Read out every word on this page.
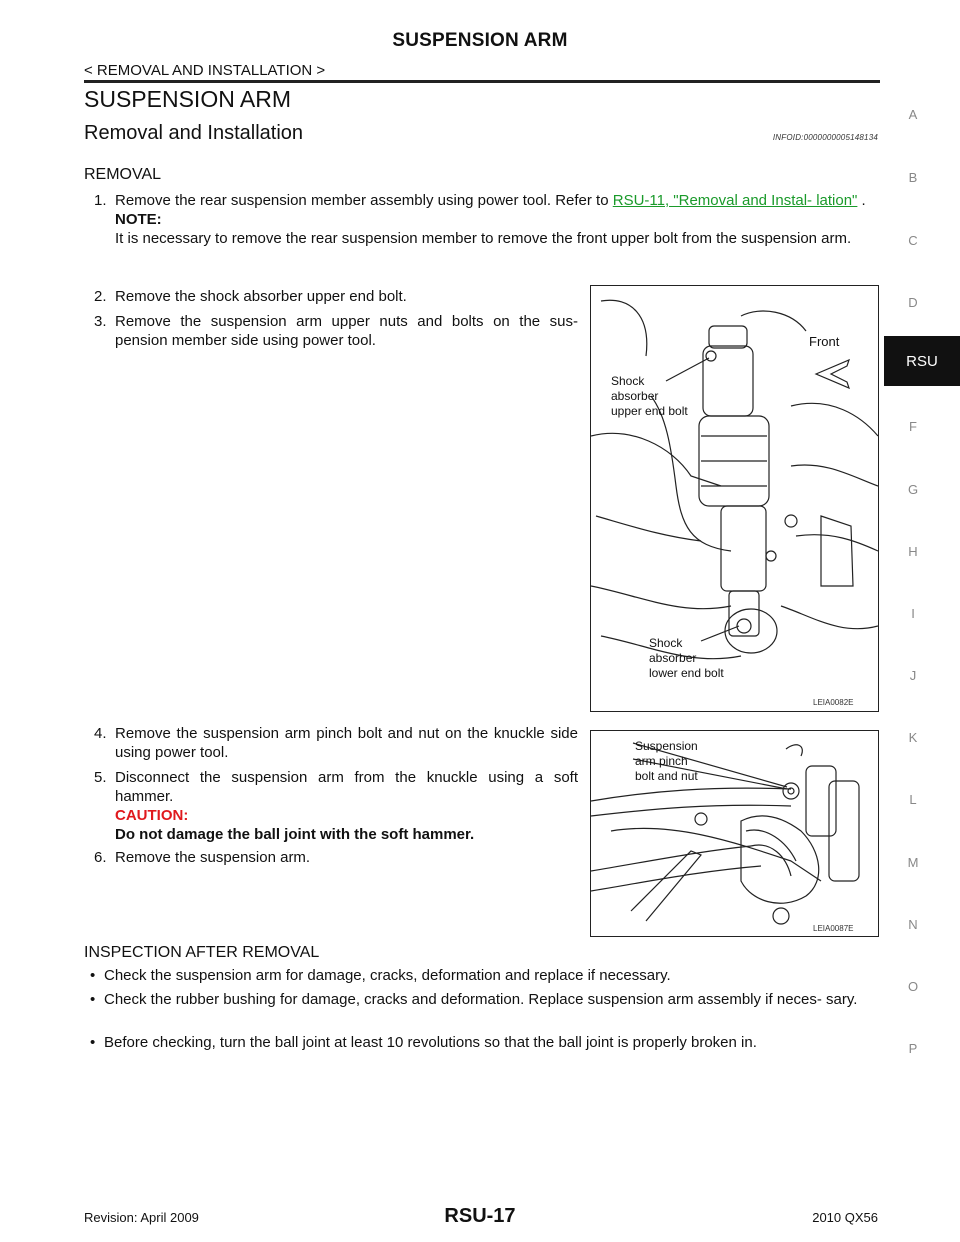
SUSPENSION ARM
< REMOVAL AND INSTALLATION >
SUSPENSION ARM
Removal and Installation	INFOID:0000000005148134
REMOVAL
1. Remove the rear suspension member assembly using power tool. Refer to RSU-11, "Removal and Instal- lation" .
NOTE:
It is necessary to remove the rear suspension member to remove the front upper bolt from the suspension arm.
2. Remove the shock absorber upper end bolt.
3. Remove the suspension arm upper nuts and bolts on the sus- pension member side using power tool.	Front
Shock
absorber
upper end bolt
Shock
absorber
lower end bolt
LEIA0082E
4. Remove the suspension arm pinch bolt and nut on the knuckle side using power tool.
5. Disconnect the suspension arm from the knuckle using a soft hammer.
CAUTION:
Do not damage the ball joint with the soft hammer.
6. Remove the suspension arm.
Suspension
arm pinch
bolt and nut
LEIA0087E
INSPECTION AFTER REMOVAL
• Check the suspension arm for damage, cracks, deformation and replace if necessary.
• Check the rubber bushing for damage, cracks and deformation. Replace suspension arm assembly if neces- sary.
• Before checking, turn the ball joint at least 10 revolutions so that the ball joint is properly broken in.
A
B
C
D
RSU
F
G
H
I
J
K
L
M
N
O
P
Revision: April 2009	RSU-17	2010 QX56
